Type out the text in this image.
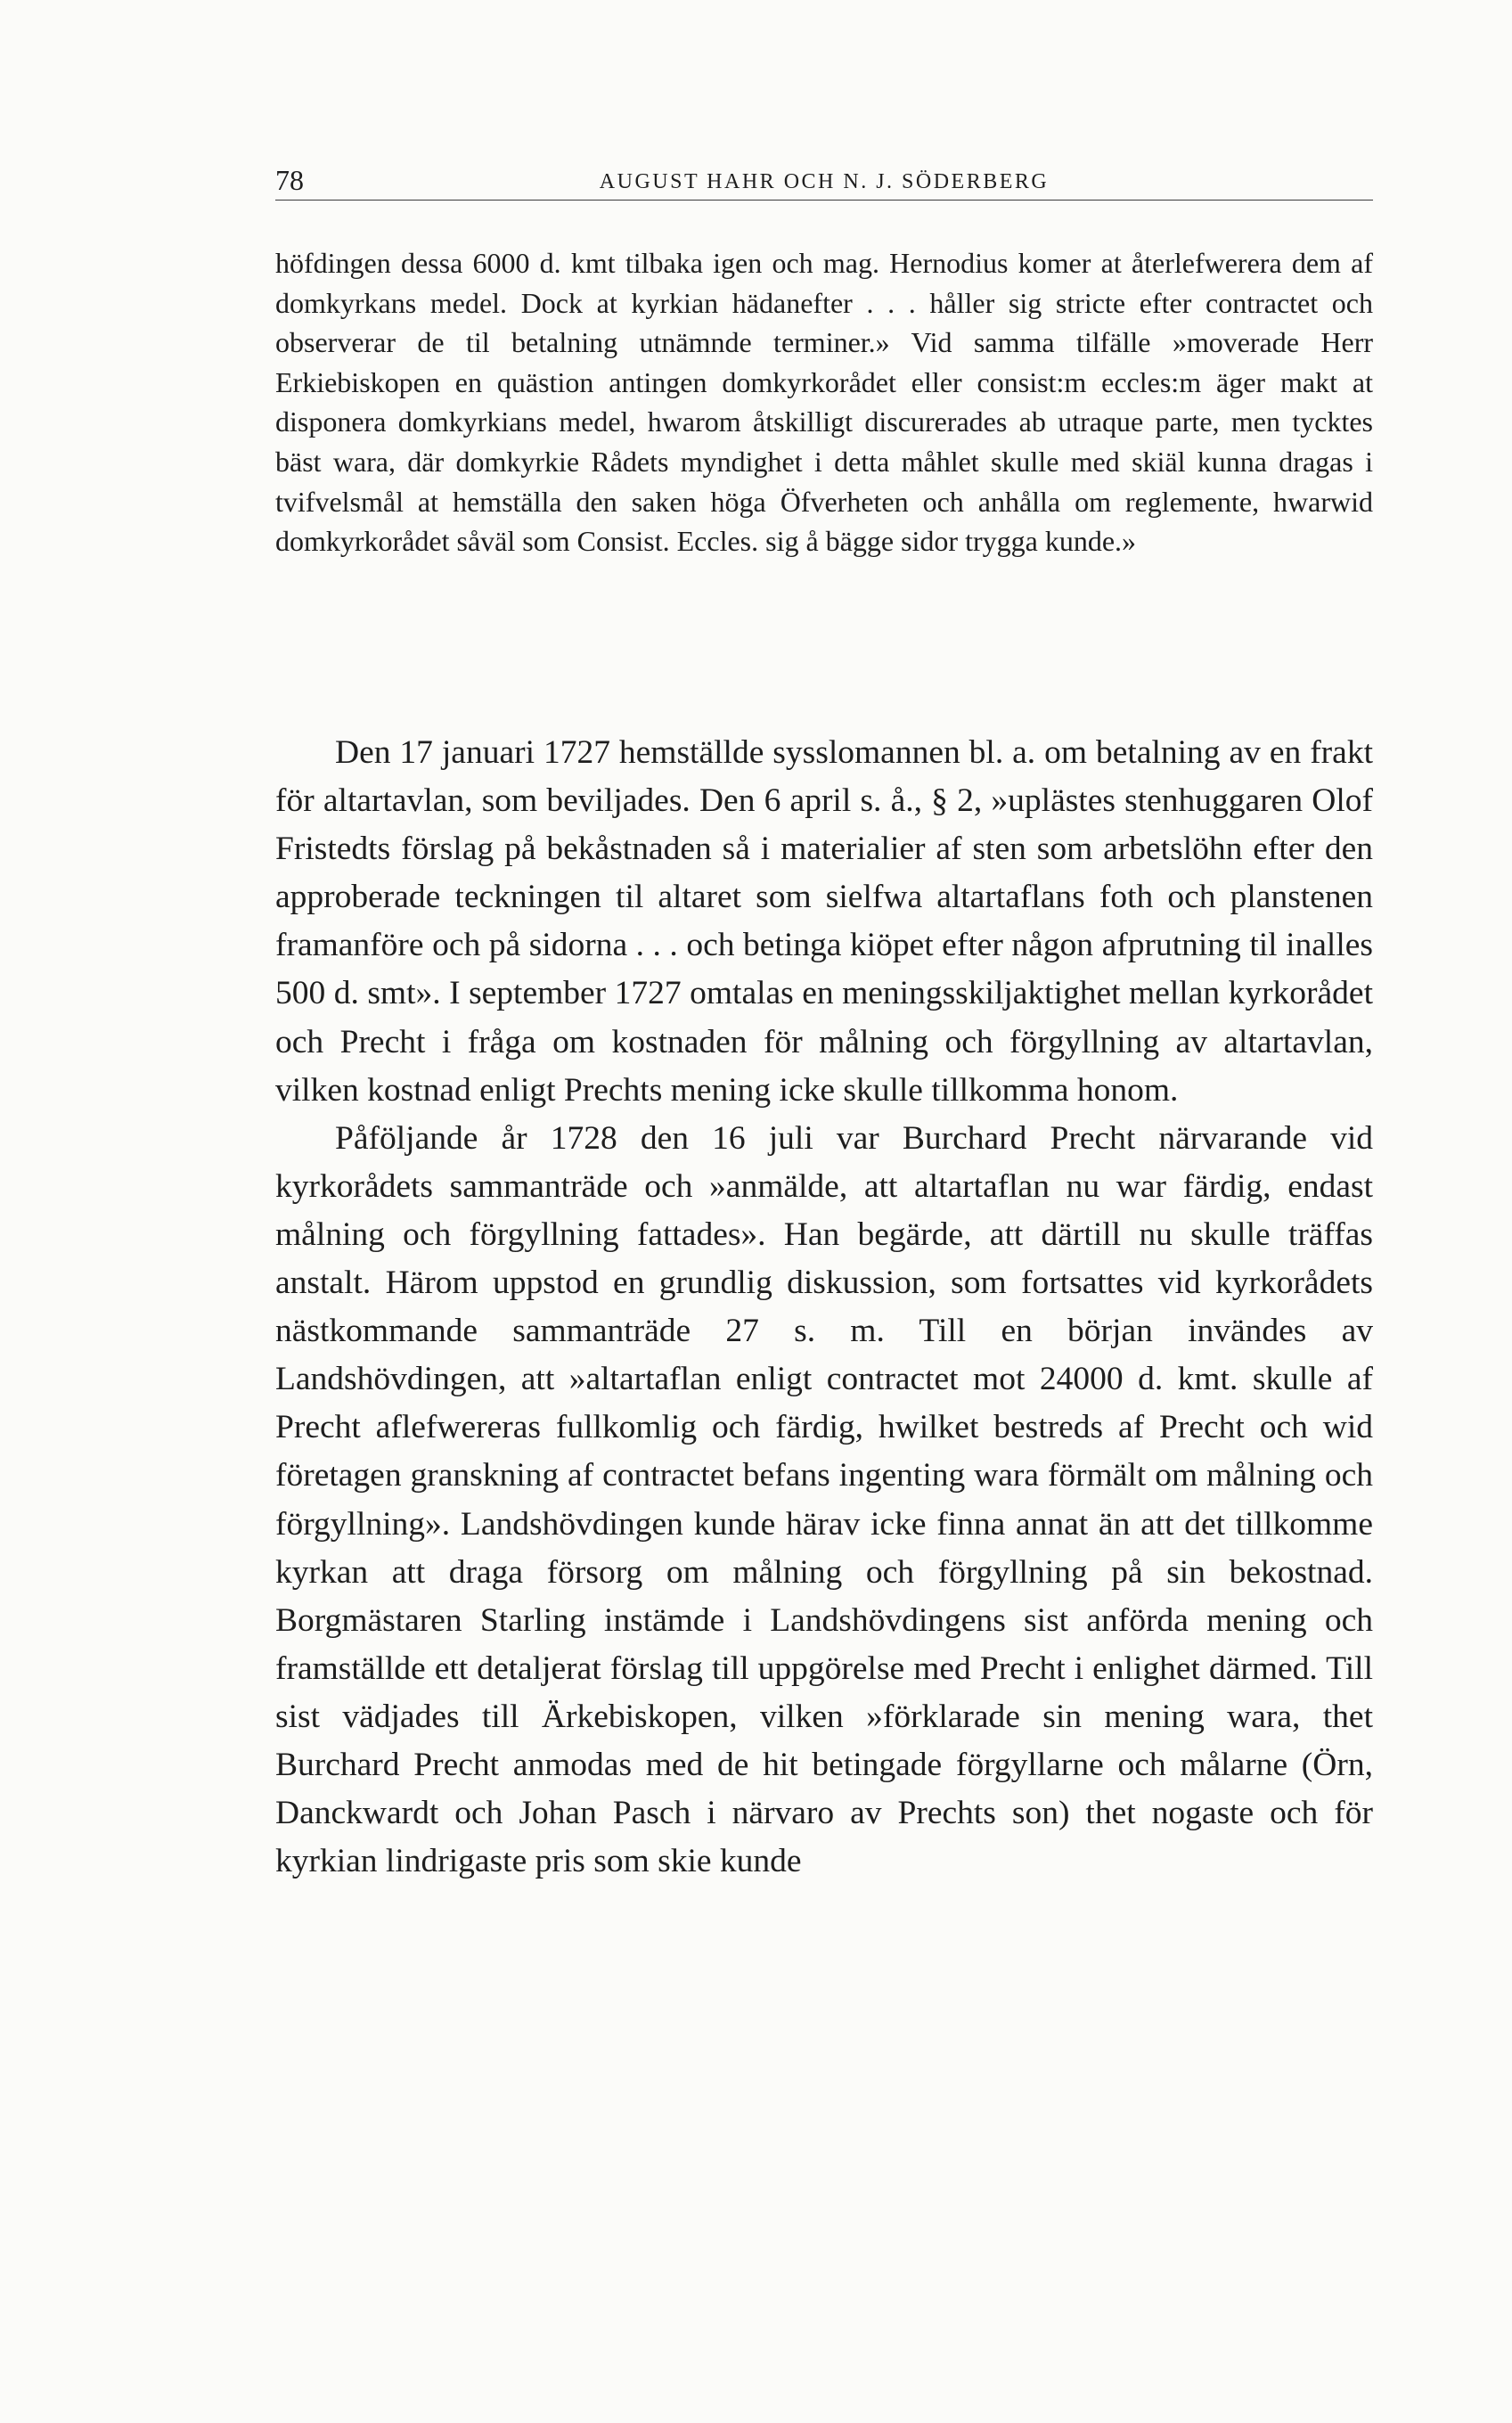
78	AUGUST HAHR OCH N. J. SÖDERBERG
höfdingen dessa 6000 d. kmt tilbaka igen och mag. Hernodius komer at återlefwerera dem af domkyrkans medel. Dock at kyrkian hädanefter . . . håller sig stricte efter contractet och observerar de til betalning utnämnde terminer.» Vid samma tilfälle »moverade Herr Erkiebiskopen en quästion antingen domkyrkorådet eller consist:m eccles:m äger makt at disponera domkyrkians medel, hwarom åtskilligt discurerades ab utraque parte, men tycktes bäst wara, där domkyrkie Rådets myndighet i detta måhlet skulle med skiäl kunna dragas i tvifvelsmål at hemställa den saken höga Öfverheten och anhålla om reglemente, hwarwid domkyrkorådet såväl som Consist. Eccles. sig å bägge sidor trygga kunde.»

Den 17 januari 1727 hemställde sysslomannen bl. a. om betalning av en frakt för altartavlan, som beviljades. Den 6 april s. å., § 2, »uplästes stenhuggaren Olof Fristedts förslag på bekåstnaden så i materialier af sten som arbetslöhn efter den approberade teckningen til altaret som sielfwa altartaflans foth och planstenen framanföre och på sidorna . . . och betinga kiöpet efter någon afprutning til inalles 500 d. smt». I september 1727 omtalas en meningsskiljaktighet mellan kyrkorådet och Precht i fråga om kostnaden för målning och förgyllning av altartavlan, vilken kostnad enligt Prechts mening icke skulle tillkomma honom.

Påföljande år 1728 den 16 juli var Burchard Precht närvarande vid kyrkorådets sammanträde och »anmälde, att altartaflan nu war färdig, endast målning och förgyllning fattades». Han begärde, att därtill nu skulle träffas anstalt. Härom uppstod en grundlig diskussion, som fortsattes vid kyrkorådets nästkommande sammanträde 27 s. m. Till en början invändes av Landshövdingen, att »altartaflan enligt contractet mot 24000 d. kmt. skulle af Precht aflefwereras fullkomlig och färdig, hwilket bestreds af Precht och wid företagen granskning af contractet befans ingenting wara förmält om målning och förgyllning». Landshövdingen kunde härav icke finna annat än att det tillkomme kyrkan att draga försorg om målning och förgyllning på sin bekostnad. Borgmästaren Starling instämde i Landshövdingens sist anförda mening och framställde ett detaljerat förslag till uppgörelse med Precht i enlighet därmed. Till sist vädjades till Ärkebiskopen, vilken »förklarade sin mening wara, thet Burchard Precht anmodas med de hit betingade förgyllarne och målarne (Örn, Danckwardt och Johan Pasch i närvaro av Prechts son) thet nogaste och för kyrkian lindrigaste pris som skie kunde
